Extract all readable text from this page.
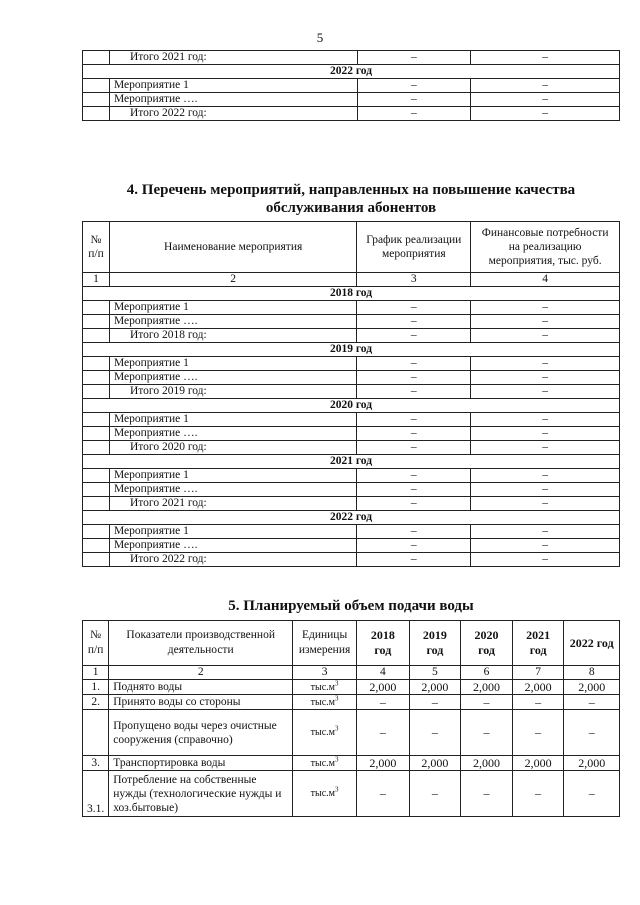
5
	Итого 2021 год:	–	–
2022 год			
	Мероприятие 1	–	–
	Мероприятие ….	–	–
	Итого 2022 год:	–	–
4. Перечень мероприятий, направленных на повышение качества
обслуживания абонентов
№ п/п	Наименование мероприятия	График реализации мероприятия	Финансовые потребности на реализацию мероприятия, тыс. руб.
1	2	3	4
2018 год			
	Мероприятие 1	–	–
	Мероприятие ….	–	–
	Итого 2018 год:	–	–
2019 год			
	Мероприятие 1	–	–
	Мероприятие ….	–	–
	Итого 2019 год:	–	–
2020 год			
	Мероприятие 1	–	–
	Мероприятие ….	–	–
	Итого 2020 год:	–	–
2021 год			
	Мероприятие 1	–	–
	Мероприятие ….	–	–
	Итого 2021 год:	–	–
2022 год			
	Мероприятие 1	–	–
	Мероприятие ….	–	–
	Итого 2022 год:	–	–
5. Планируемый объем подачи воды
№ п/п	Показатели производственной деятельности	Единицы измерения	2018 год	2019 год	2020 год	2021 год	2022 год
1	2	3	4	5	6	7	8
1.	Поднято воды	$тыс.м^3$	2,000	2,000	2,000	2,000	2,000
2.	Принято воды со стороны	$тыс.м^3$	–	–	–	–	–
	Пропущено воды через очистные сооружения (справочно)	$тыс.м^3$	–	–	–	–	–
3.	Транспортировка воды	$тыс.м^3$	2,000	2,000	2,000	2,000	2,000
3.1.	Потребление на собственные нужды (технологические нужды и хоз.бытовые)	$тыс.м^3$	–	–	–	–	–
